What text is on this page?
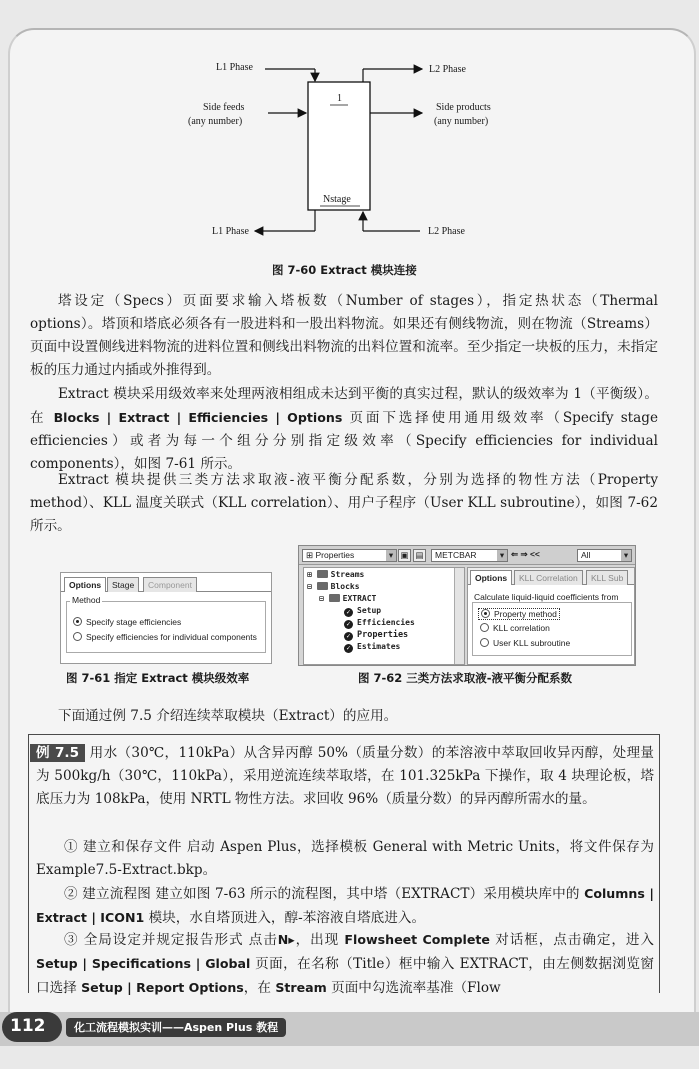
L1 Phase	L2 Phase
Side feeds
(any number)
Side products
(any number)
1
Nstage
L1 Phase	L2 Phase
图 7-60 Extract 模块连接

塔设定（Specs）页面要求输入塔板数（Number of stages），指定热状态（Thermal options）。塔顶和塔底必须各有一股进料和一股出料物流。如果还有侧线物流，则在物流（Streams）页面中设置侧线进料物流的进料位置和侧线出料物流的出料位置和流率。至少指定一块板的压力，未指定板的压力通过内插或外推得到。

Extract 模块采用级效率来处理两液相组成未达到平衡的真实过程，默认的级效率为 1（平衡级）。在 Blocks | Extract | Efficiencies | Options 页面下选择使用通用级效率（Specify stage efficiencies）或者为每一个组分分别指定级效率（Specify efficiencies for individual components），如图 7-61 所示。

Extract 模块提供三类方法求取液-液平衡分配系数，分别为选择的物性方法（Property method）、KLL 温度关联式（KLL correlation）、用户子程序（User KLL subroutine），如图 7-62 所示。

Options	Stage	Component
Method
Specify stage efficiencies
Specify efficiencies for individual components
⊞ Properties	▾ ▣ ▤	METCBAR	▾ ⇐ ⇒ <<	All	▾
⊞ Streams
⊟ Blocks
⊟ EXTRACT
✓ Setup
✓ Efficiencies
✓ Properties
✓ Estimates
Options	KLL Correlation	KLL Sub
Calculate liquid-liquid coefficients from
Property method
KLL correlation
User KLL subroutine
图 7-61 指定 Extract 模块级效率	图 7-62 三类方法求取液-液平衡分配系数

下面通过例 7.5 介绍连续萃取模块（Extract）的应用。

例 7.5 用水（30℃，110kPa）从含异丙醇 50%（质量分数）的苯溶液中萃取回收异丙醇，处理量为 500kg/h（30℃，110kPa），采用逆流连续萃取塔，在 101.325kPa 下操作，取 4 块理论板，塔底压力为 108kPa，使用 NRTL 物性方法。求回收 96%（质量分数）的异丙醇所需水的量。

① 建立和保存文件 启动 Aspen Plus，选择模板 General with Metric Units，将文件保存为 Example7.5-Extract.bkp。

② 建立流程图 建立如图 7-63 所示的流程图，其中塔（EXTRACT）采用模块库中的 Columns | Extract | ICON1 模块，水自塔顶进入，醇-苯溶液自塔底进入。

③ 全局设定并规定报告形式 点击N▸，出现 Flowsheet Complete 对话框，点击确定，进入 Setup | Specifications | Global 页面，在名称（Title）框中输入 EXTRACT，由左侧数据浏览窗口选择 Setup | Report Options，在 Stream 页面中勾选流率基准（Flow

112	化工流程模拟实训——Aspen Plus 教程
